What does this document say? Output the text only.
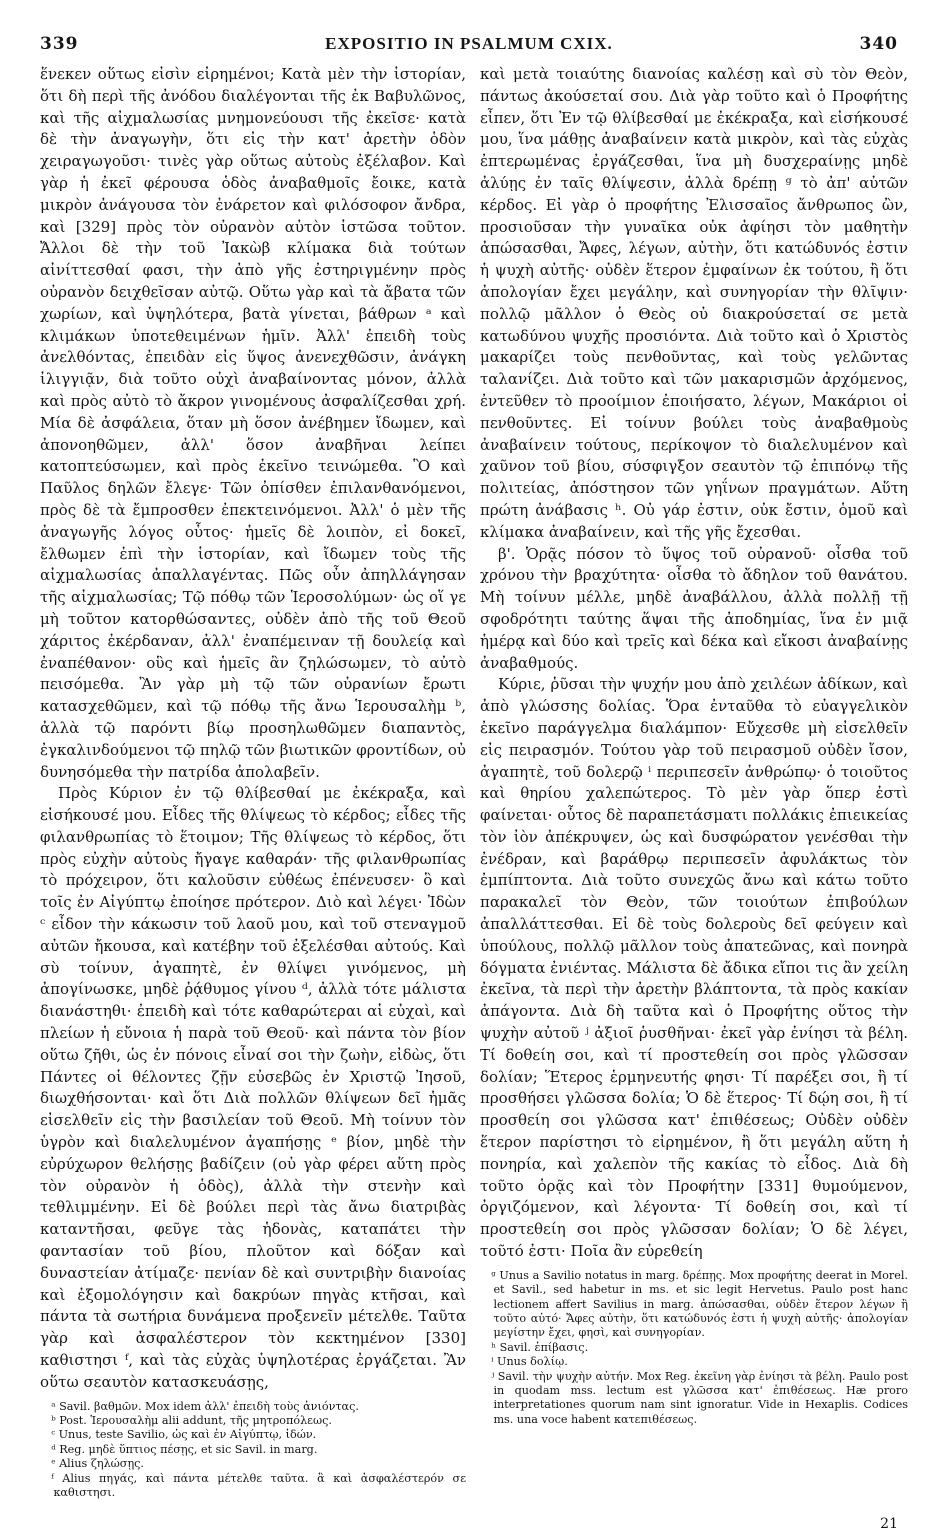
339	EXPOSITIO IN PSALMUM CXIX.	340

ἕνεκεν οὕτως εἰσὶν εἰρημένοι; Κατὰ μὲν τὴν ἱστορίαν, ὅτι δὴ περὶ τῆς ἀνόδου διαλέγονται τῆς ἐκ Βαβυλῶνος, καὶ τῆς αἰχμαλωσίας μνημονεύουσι τῆς ἐκεῖσε· κατὰ δὲ τὴν ἀναγωγὴν, ὅτι εἰς τὴν κατ' ἀρετὴν ὁδὸν χειραγωγοῦσι· τινὲς γὰρ οὕτως αὐτοὺς ἐξέλαβον. Καὶ γὰρ ἡ ἐκεῖ φέρουσα ὁδὸς ἀναβαθμοῖς ἔοικε, κατὰ μικρὸν ἀνάγουσα τὸν ἐνάρετον καὶ φιλόσοφον ἄνδρα, καὶ [329] πρὸς τὸν οὐρανὸν αὐτὸν ἱστῶσα τοῦτον. Ἄλλοι δὲ τὴν τοῦ Ἰακὼβ κλίμακα διὰ τούτων αἰνίττεσθαί φασι, τὴν ἀπὸ γῆς ἐστηριγμένην πρὸς οὐρανὸν δειχθεῖσαν αὐτῷ. Οὕτω γὰρ καὶ τὰ ἄβατα τῶν χωρίων, καὶ ὑψηλότερα, βατὰ γίνεται, βάθρων ᵃ καὶ κλιμάκων ὑποτεθειμένων ἡμῖν. Ἀλλ' ἐπειδὴ τοὺς ἀνελθόντας, ἐπειδὰν εἰς ὕψος ἀνενεχθῶσιν, ἀνάγκη ἰλιγγιᾷν, διὰ τοῦτο οὐχὶ ἀναβαίνοντας μόνον, ἀλλὰ καὶ πρὸς αὐτὸ τὸ ἄκρον γινομένους ἀσφαλίζεσθαι χρή. Μία δὲ ἀσφάλεια, ὅταν μὴ ὅσον ἀνέβημεν ἴδωμεν, καὶ ἀπονοηθῶμεν, ἀλλ' ὅσον ἀναβῆναι λείπει κατοπτεύσωμεν, καὶ πρὸς ἐκεῖνο τεινώμεθα. Ὃ καὶ Παῦλος δηλῶν ἔλεγε· Τῶν ὀπίσθεν ἐπιλανθανόμενοι, πρὸς δὲ τὰ ἔμπροσθεν ἐπεκτεινόμενοι. Ἀλλ' ὁ μὲν τῆς ἀναγωγῆς λόγος οὗτος· ἡμεῖς δὲ λοιπὸν, εἰ δοκεῖ, ἔλθωμεν ἐπὶ τὴν ἱστορίαν, καὶ ἴδωμεν τοὺς τῆς αἰχμαλωσίας ἀπαλλαγέντας. Πῶς οὖν ἀπηλλάγησαν τῆς αἰχμαλωσίας; Τῷ πόθῳ τῶν Ἱεροσολύμων· ὡς οἵ γε μὴ τοῦτον κατορθώσαντες, οὐδὲν ἀπὸ τῆς τοῦ Θεοῦ χάριτος ἐκέρδαναν, ἀλλ' ἐναπέμειναν τῇ δουλείᾳ καὶ ἐναπέθανον· οὓς καὶ ἡμεῖς ἂν ζηλώσωμεν, τὸ αὐτὸ πεισόμεθα. Ἂν γὰρ μὴ τῷ τῶν οὐρανίων ἔρωτι κατασχεθῶμεν, καὶ τῷ πόθῳ τῆς ἄνω Ἱερουσαλὴμ ᵇ, ἀλλὰ τῷ παρόντι βίῳ προσηλωθῶμεν διαπαντὸς, ἐγκαλινδούμενοι τῷ πηλῷ τῶν βιωτικῶν φροντίδων, οὐ δυνησόμεθα τὴν πατρίδα ἀπολαβεῖν.

Πρὸς Κύριον ἐν τῷ θλίβεσθαί με ἐκέκραξα, καὶ εἰσήκουσέ μου. Εἶδες τῆς θλίψεως τὸ κέρδος; εἶδες τῆς φιλανθρωπίας τὸ ἕτοιμον; Τῆς θλίψεως τὸ κέρδος, ὅτι πρὸς εὐχὴν αὐτοὺς ἤγαγε καθαράν· τῆς φιλανθρωπίας τὸ πρόχειρον, ὅτι καλοῦσιν εὐθέως ἐπένευσεν· ὃ καὶ τοῖς ἐν Αἰγύπτῳ ἐποίησε πρότερον. Διὸ καὶ λέγει· Ἰδὼν ᶜ εἶδον τὴν κάκωσιν τοῦ λαοῦ μου, καὶ τοῦ στεναγμοῦ αὐτῶν ἤκουσα, καὶ κατέβην τοῦ ἐξελέσθαι αὐτούς. Καὶ σὺ τοίνυν, ἀγαπητὲ, ἐν θλίψει γινόμενος, μὴ ἀπογίνωσκε, μηδὲ ῥᾴθυμος γίνου ᵈ, ἀλλὰ τότε μάλιστα διανάστηθι· ἐπειδὴ καὶ τότε καθαρώτεραι αἱ εὐχαὶ, καὶ πλείων ἡ εὔνοια ἡ παρὰ τοῦ Θεοῦ· καὶ πάντα τὸν βίον οὕτω ζῆθι, ὡς ἐν πόνοις εἶναί σοι τὴν ζωὴν, εἰδὼς, ὅτι Πάντες οἱ θέλοντες ζῇν εὐσεβῶς ἐν Χριστῷ Ἰησοῦ, διωχθήσονται· καὶ ὅτι Διὰ πολλῶν θλίψεων δεῖ ἡμᾶς εἰσελθεῖν εἰς τὴν βασιλείαν τοῦ Θεοῦ. Μὴ τοίνυν τὸν ὑγρὸν καὶ διαλελυμένον ἀγαπήσῃς ᵉ βίον, μηδὲ τὴν εὐρύχωρον θελήσῃς βαδίζειν (οὐ γὰρ φέρει αὕτη πρὸς τὸν οὐρανὸν ἡ ὁδὸς), ἀλλὰ τὴν στενὴν καὶ τεθλιμμένην. Εἰ δὲ βούλει περὶ τὰς ἄνω διατριβὰς καταντῆσαι, φεῦγε τὰς ἡδονὰς, καταπάτει τὴν φαντασίαν τοῦ βίου, πλοῦτον καὶ δόξαν καὶ δυναστείαν ἀτίμαζε· πενίαν δὲ καὶ συντριβὴν διανοίας καὶ ἐξομολόγησιν καὶ δακρύων πηγὰς κτῆσαι, καὶ πάντα τὰ σωτήρια δυνάμενα προξενεῖν μέτελθε. Ταῦτα γὰρ καὶ ἀσφαλέστερον τὸν κεκτημένον [330] καθιστησι ᶠ, καὶ τὰς εὐχὰς ὑψηλοτέρας ἐργάζεται. Ἂν οὕτω σεαυτὸν κατασκευάσῃς,

ᵃ Savil. βαθμῶν. Mox idem ἀλλ' ἐπειδὴ τοὺς ἀνιόντας.
ᵇ Post. Ἱερουσαλὴμ alii addunt, τῆς μητροπόλεως.
ᶜ Unus, teste Savilio, ὡς καὶ ἐν Αἰγύπτῳ, ἰδών.
ᵈ Reg. μηδὲ ὕπτιος πέσῃς, et sic Savil. in marg.
ᵉ Alius ζηλώσῃς.
ᶠ Alius πηγάς, καὶ πάντα μέτελθε ταῦτα. ἃ καὶ ἀσφαλέστερόν σε καθιστησι.

καὶ μετὰ τοιαύτης διανοίας καλέσῃ καὶ σὺ τὸν Θεὸν, πάντως ἀκούσεταί σου. Διὰ γὰρ τοῦτο καὶ ὁ Προφήτης εἶπεν, ὅτι Ἐν τῷ θλίβεσθαί με ἐκέκραξα, καὶ εἰσήκουσέ μου, ἵνα μάθῃς ἀναβαίνειν κατὰ μικρὸν, καὶ τὰς εὐχὰς ἐπτερωμένας ἐργάζεσθαι, ἵνα μὴ δυσχεραίνῃς μηδὲ ἀλύῃς ἐν ταῖς θλίψεσιν, ἀλλὰ δρέπῃ ᵍ τὸ ἀπ' αὐτῶν κέρδος. Εἰ γὰρ ὁ προφήτης Ἐλισσαῖος ἄνθρωπος ὢν, προσιοῦσαν τὴν γυναῖκα οὐκ ἀφίησι τὸν μαθητὴν ἀπώσασθαι, Ἄφες, λέγων, αὐτὴν, ὅτι κατώδυνός ἐστιν ἡ ψυχὴ αὐτῆς· οὐδὲν ἕτερον ἐμφαίνων ἐκ τούτου, ἢ ὅτι ἀπολογίαν ἔχει μεγάλην, καὶ συνηγορίαν τὴν θλῖψιν· πολλῷ μᾶλλον ὁ Θεὸς οὐ διακρούσεταί σε μετὰ κατωδύνου ψυχῆς προσιόντα. Διὰ τοῦτο καὶ ὁ Χριστὸς μακαρίζει τοὺς πενθοῦντας, καὶ τοὺς γελῶντας ταλανίζει. Διὰ τοῦτο καὶ τῶν μακαρισμῶν ἀρχόμενος, ἐντεῦθεν τὸ προοίμιον ἐποιήσατο, λέγων, Μακάριοι οἱ πενθοῦντες. Εἰ τοίνυν βούλει τοὺς ἀναβαθμοὺς ἀναβαίνειν τούτους, περίκοψον τὸ διαλελυμένον καὶ χαῦνον τοῦ βίου, σύσφιγξον σεαυτὸν τῷ ἐπιπόνῳ τῆς πολιτείας, ἀπόστησον τῶν γηΐνων πραγμάτων. Αὕτη πρώτη ἀνάβασις ʰ. Οὐ γάρ ἐστιν, οὐκ ἔστιν, ὁμοῦ καὶ κλίμακα ἀναβαίνειν, καὶ τῆς γῆς ἔχεσθαι.

β'. Ὁρᾷς πόσον τὸ ὕψος τοῦ οὐρανοῦ· οἶσθα τοῦ χρόνου τὴν βραχύτητα· οἶσθα τὸ ἄδηλον τοῦ θανάτου. Μὴ τοίνυν μέλλε, μηδὲ ἀναβάλλου, ἀλλὰ πολλῇ τῇ σφοδρότητι ταύτης ἅψαι τῆς ἀποδημίας, ἵνα ἐν μιᾷ ἡμέρᾳ καὶ δύο καὶ τρεῖς καὶ δέκα καὶ εἴκοσι ἀναβαίνῃς ἀναβαθμούς.

Κύριε, ῥῦσαι τὴν ψυχήν μου ἀπὸ χειλέων ἀδίκων, καὶ ἀπὸ γλώσσης δολίας. Ὅρα ἐνταῦθα τὸ εὐαγγελικὸν ἐκεῖνο παράγγελμα διαλάμπον· Εὔχεσθε μὴ εἰσελθεῖν εἰς πειρασμόν. Τούτου γὰρ τοῦ πειρασμοῦ οὐδὲν ἴσον, ἀγαπητὲ, τοῦ δολερῷ ⁱ περιπεσεῖν ἀνθρώπῳ· ὁ τοιοῦτος καὶ θηρίου χαλεπώτερος. Τὸ μὲν γὰρ ὅπερ ἐστὶ φαίνεται· οὗτος δὲ παραπετάσματι πολλάκις ἐπιεικείας τὸν ἰὸν ἀπέκρυψεν, ὡς καὶ δυσφώρατον γενέσθαι τὴν ἐνέδραν, καὶ βαράθρῳ περιπεσεῖν ἀφυλάκτως τὸν ἐμπίπτοντα. Διὰ τοῦτο συνεχῶς ἄνω καὶ κάτω τοῦτο παρακαλεῖ τὸν Θεὸν, τῶν τοιούτων ἐπιβούλων ἀπαλλάττεσθαι. Εἰ δὲ τοὺς δολεροὺς δεῖ φεύγειν καὶ ὑπούλους, πολλῷ μᾶλλον τοὺς ἀπατεῶνας, καὶ πονηρὰ δόγματα ἐνιέντας. Μάλιστα δὲ ἄδικα εἴποι τις ἂν χείλη ἐκεῖνα, τὰ περὶ τὴν ἀρετὴν βλάπτοντα, τὰ πρὸς κακίαν ἀπάγοντα. Διὰ δὴ ταῦτα καὶ ὁ Προφήτης οὕτος τὴν ψυχὴν αὐτοῦ ʲ ἀξιοῖ ῥυσθῆναι· ἐκεῖ γὰρ ἐνίησι τὰ βέλη. Τί δοθείη σοι, καὶ τί προστεθείη σοι πρὸς γλῶσσαν δολίαν; Ἕτερος ἑρμηνευτής φησι· Τί παρέξει σοι, ἢ τί προσθήσει γλῶσσα δολία; Ὁ δὲ ἕτερος· Τί δῴη σοι, ἢ τί προσθείη σοι γλῶσσα κατ' ἐπιθέσεως; Οὐδὲν οὐδὲν ἕτερον παρίστησι τὸ εἰρημένον, ἢ ὅτι μεγάλη αὕτη ἡ πονηρία, καὶ χαλεπὸν τῆς κακίας τὸ εἶδος. Διὰ δὴ τοῦτο ὁρᾷς καὶ τὸν Προφήτην [331] θυμούμενον, ὀργιζόμενον, καὶ λέγοντα· Τί δοθείη σοι, καὶ τί προστεθείη σοι πρὸς γλῶσσαν δολίαν; Ὁ δὲ λέγει, τοῦτό ἐστι· Ποῖα ἂν εὑρεθείη

ᵍ Unus a Savilio notatus in marg. δρέπῃς. Mox προφήτης deerat in Morel. et Savil., sed habetur in ms. et sic legit Hervetus. Paulo post hanc lectionem affert Savilius in marg. ἀπώσασθαι, οὐδὲν ἕτερον λέγων ἢ τοῦτο αὐτό· Ἄφες αὐτὴν, ὅτι κατώδυνός ἐστι ἡ ψυχὴ αὐτῆς· ἀπολογίαν μεγίστην ἔχει, φησὶ, καὶ συνηγορίαν.
ʰ Savil. ἐπίβασις.
ⁱ Unus δολίῳ.
ʲ Savil. τὴν ψυχὴν αὐτήν. Mox Reg. ἐκεῖνη γὰρ ἐνίησι τὰ βέλη. Paulo post in quodam mss. lectum est γλῶσσα κατ' ἐπιθέσεως. Hæ proro interpretationes quorum nam sint ignoratur. Vide in Hexaplis. Codices ms. una voce habent κατεπιθέσεως.
21
